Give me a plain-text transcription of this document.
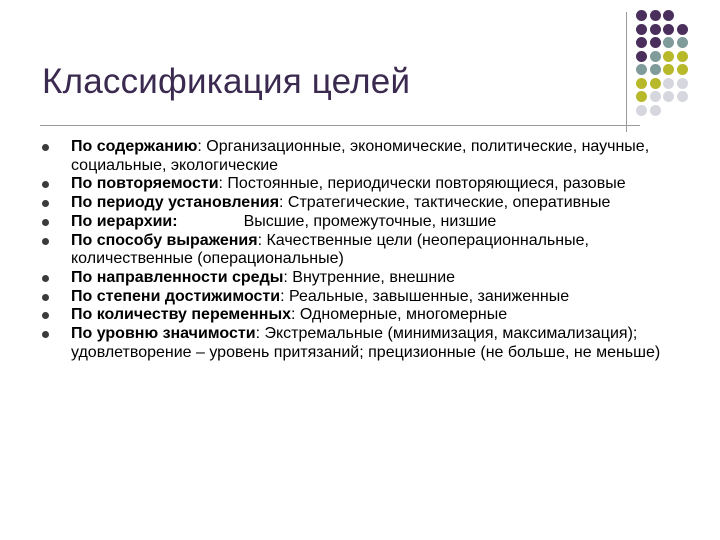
Классификация целей
По содержанию: Организационные, экономические, политические, научные, социальные, экологические
По повторяемости: Постоянные, периодически повторяющиеся, разовые
По периоду установления: Стратегические, тактические, оперативные
По иерархии:	Высшие, промежуточные, низшие
По способу выражения: Качественные цели (неоперационнальные, количественные (операциональные)
По направленности среды: Внутренние, внешние
По степени достижимости: Реальные, завышенные, заниженные
По количеству переменных: Одномерные, многомерные
По уровню значимости: Экстремальные (минимизация, максимализация); удовлетворение – уровень притязаний; прецизионные (не больше, не меньше)
